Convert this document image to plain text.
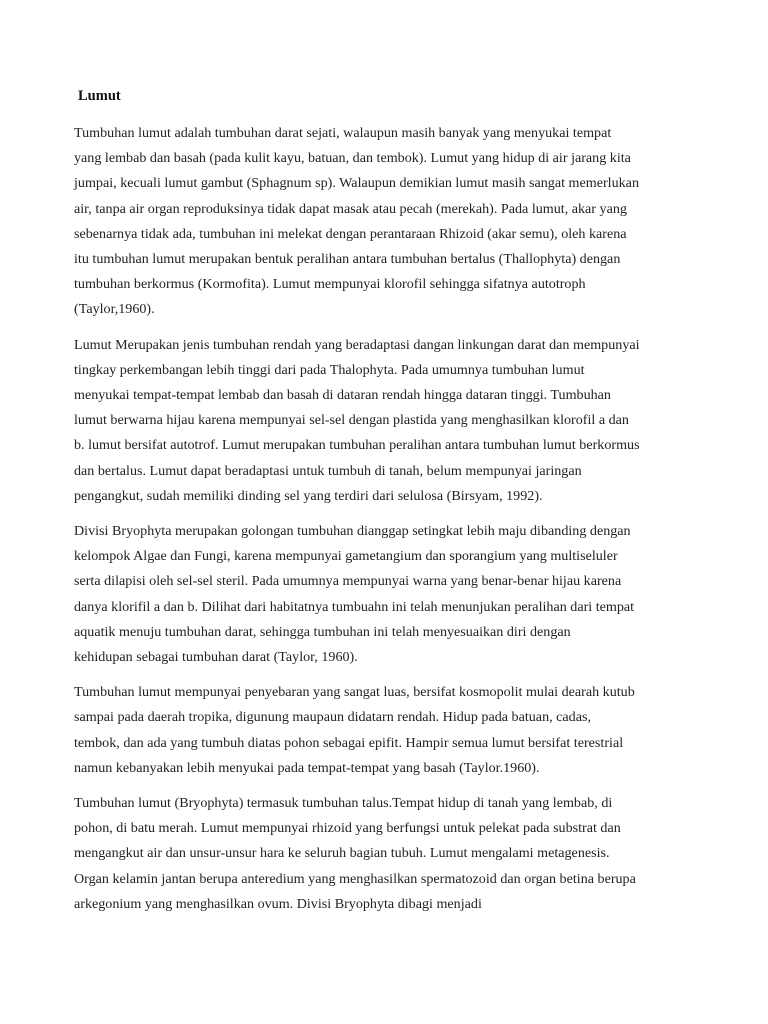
Lumut
Tumbuhan lumut adalah tumbuhan darat sejati, walaupun masih banyak yang menyukai tempat
yang lembab dan basah (pada kulit kayu, batuan, dan tembok). Lumut yang hidup di air jarang kita
jumpai, kecuali lumut gambut (Sphagnum sp). Walaupun demikian lumut masih sangat memerlukan
air, tanpa air organ reproduksinya tidak dapat masak atau pecah (merekah). Pada lumut, akar yang
sebenarnya tidak ada, tumbuhan ini melekat dengan perantaraan Rhizoid (akar semu), oleh karena
itu tumbuhan lumut merupakan bentuk peralihan antara tumbuhan bertalus (Thallophyta) dengan
tumbuhan berkormus (Kormofita). Lumut mempunyai klorofil sehingga sifatnya autotroph
(Taylor,1960).
Lumut Merupakan jenis tumbuhan rendah yang beradaptasi dangan linkungan darat dan mempunyai
tingkay perkembangan lebih tinggi dari pada Thalophyta. Pada umumnya tumbuhan lumut
menyukai tempat-tempat lembab dan basah di dataran rendah hingga dataran tinggi. Tumbuhan
lumut berwarna hijau karena mempunyai sel-sel dengan plastida yang menghasilkan klorofil a dan
b. lumut bersifat autotrof. Lumut merupakan tumbuhan peralihan antara tumbuhan lumut berkormus
dan bertalus. Lumut dapat beradaptasi untuk tumbuh di tanah, belum mempunyai jaringan
pengangkut, sudah memiliki dinding sel yang terdiri dari selulosa (Birsyam, 1992).
Divisi Bryophyta merupakan golongan tumbuhan dianggap setingkat lebih maju dibanding dengan
kelompok Algae dan Fungi, karena mempunyai gametangium dan sporangium yang multiseluler
serta dilapisi oleh sel-sel steril. Pada umumnya mempunyai warna yang benar-benar hijau karena
danya klorifil a dan b. Dilihat dari habitatnya tumbuahn ini telah menunjukan peralihan dari tempat
aquatik menuju tumbuhan darat, sehingga tumbuhan ini telah menyesuaikan diri dengan
kehidupan sebagai tumbuhan darat (Taylor, 1960).
Tumbuhan lumut mempunyai penyebaran yang sangat luas, bersifat kosmopolit mulai dearah kutub
sampai pada daerah tropika, digunung maupaun didatarn rendah. Hidup pada batuan, cadas,
tembok, dan ada yang tumbuh diatas pohon sebagai epifit. Hampir semua lumut bersifat terestrial
namun kebanyakan lebih menyukai pada tempat-tempat yang basah (Taylor.1960).
Tumbuhan lumut (Bryophyta) termasuk tumbuhan talus.Tempat hidup di tanah yang lembab, di
pohon, di batu merah. Lumut mempunyai rhizoid yang berfungsi untuk pelekat pada substrat dan
mengangkut air dan unsur-unsur hara ke seluruh bagian tubuh. Lumut mengalami metagenesis.
Organ kelamin jantan berupa anteredium yang menghasilkan spermatozoid dan organ betina berupa
arkegonium yang menghasilkan ovum. Divisi Bryophyta dibagi menjadi
